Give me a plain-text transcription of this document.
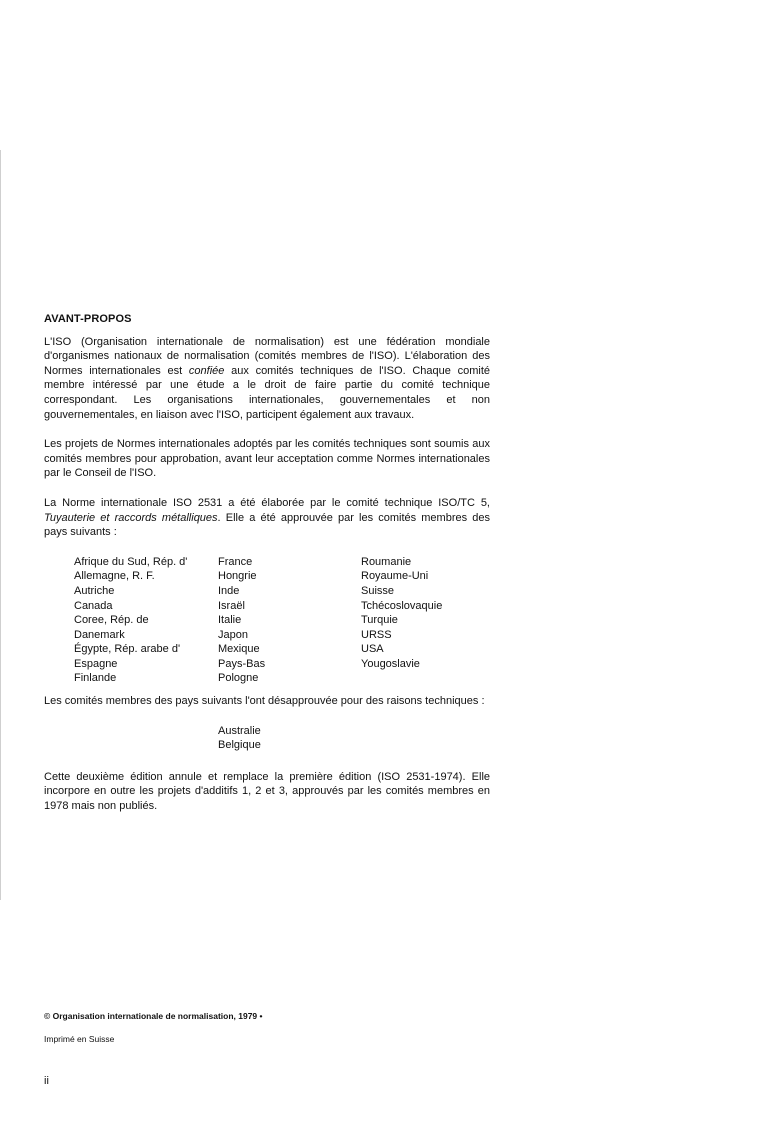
AVANT-PROPOS

L'ISO (Organisation internationale de normalisation) est une fédération mondiale d'organismes nationaux de normalisation (comités membres de l'ISO). L'élaboration des Normes internationales est confiée aux comités techniques de l'ISO. Chaque comité membre intéressé par une étude a le droit de faire partie du comité technique correspondant. Les organisations internationales, gouvernementales et non gouvernementales, en liaison avec l'ISO, participent également aux travaux.

Les projets de Normes internationales adoptés par les comités techniques sont soumis aux comités membres pour approbation, avant leur acceptation comme Normes internationales par le Conseil de l'ISO.

La Norme internationale ISO 2531 a été élaborée par le comité technique ISO/TC 5, Tuyauterie et raccords métalliques. Elle a été approuvée par les comités membres des pays suivants :

Afrique du Sud, Rép. d'
Allemagne, R. F.
Autriche
Canada
Coree, Rép. de
Danemark
Égypte, Rép. arabe d'
Espagne
Finlande
France
Hongrie
Inde
Israël
Italie
Japon
Mexique
Pays-Bas
Pologne
Roumanie
Royaume-Uni
Suisse
Tchécoslovaquie
Turquie
URSS
USA
Yougoslavie

Les comités membres des pays suivants l'ont désapprouvée pour des raisons techniques :

Australie
Belgique

Cette deuxième édition annule et remplace la première édition (ISO 2531-1974). Elle incorpore en outre les projets d'additifs 1, 2 et 3, approuvés par les comités membres en 1978 mais non publiés.

© Organisation internationale de normalisation, 1979 •
Imprimé en Suisse
ii
